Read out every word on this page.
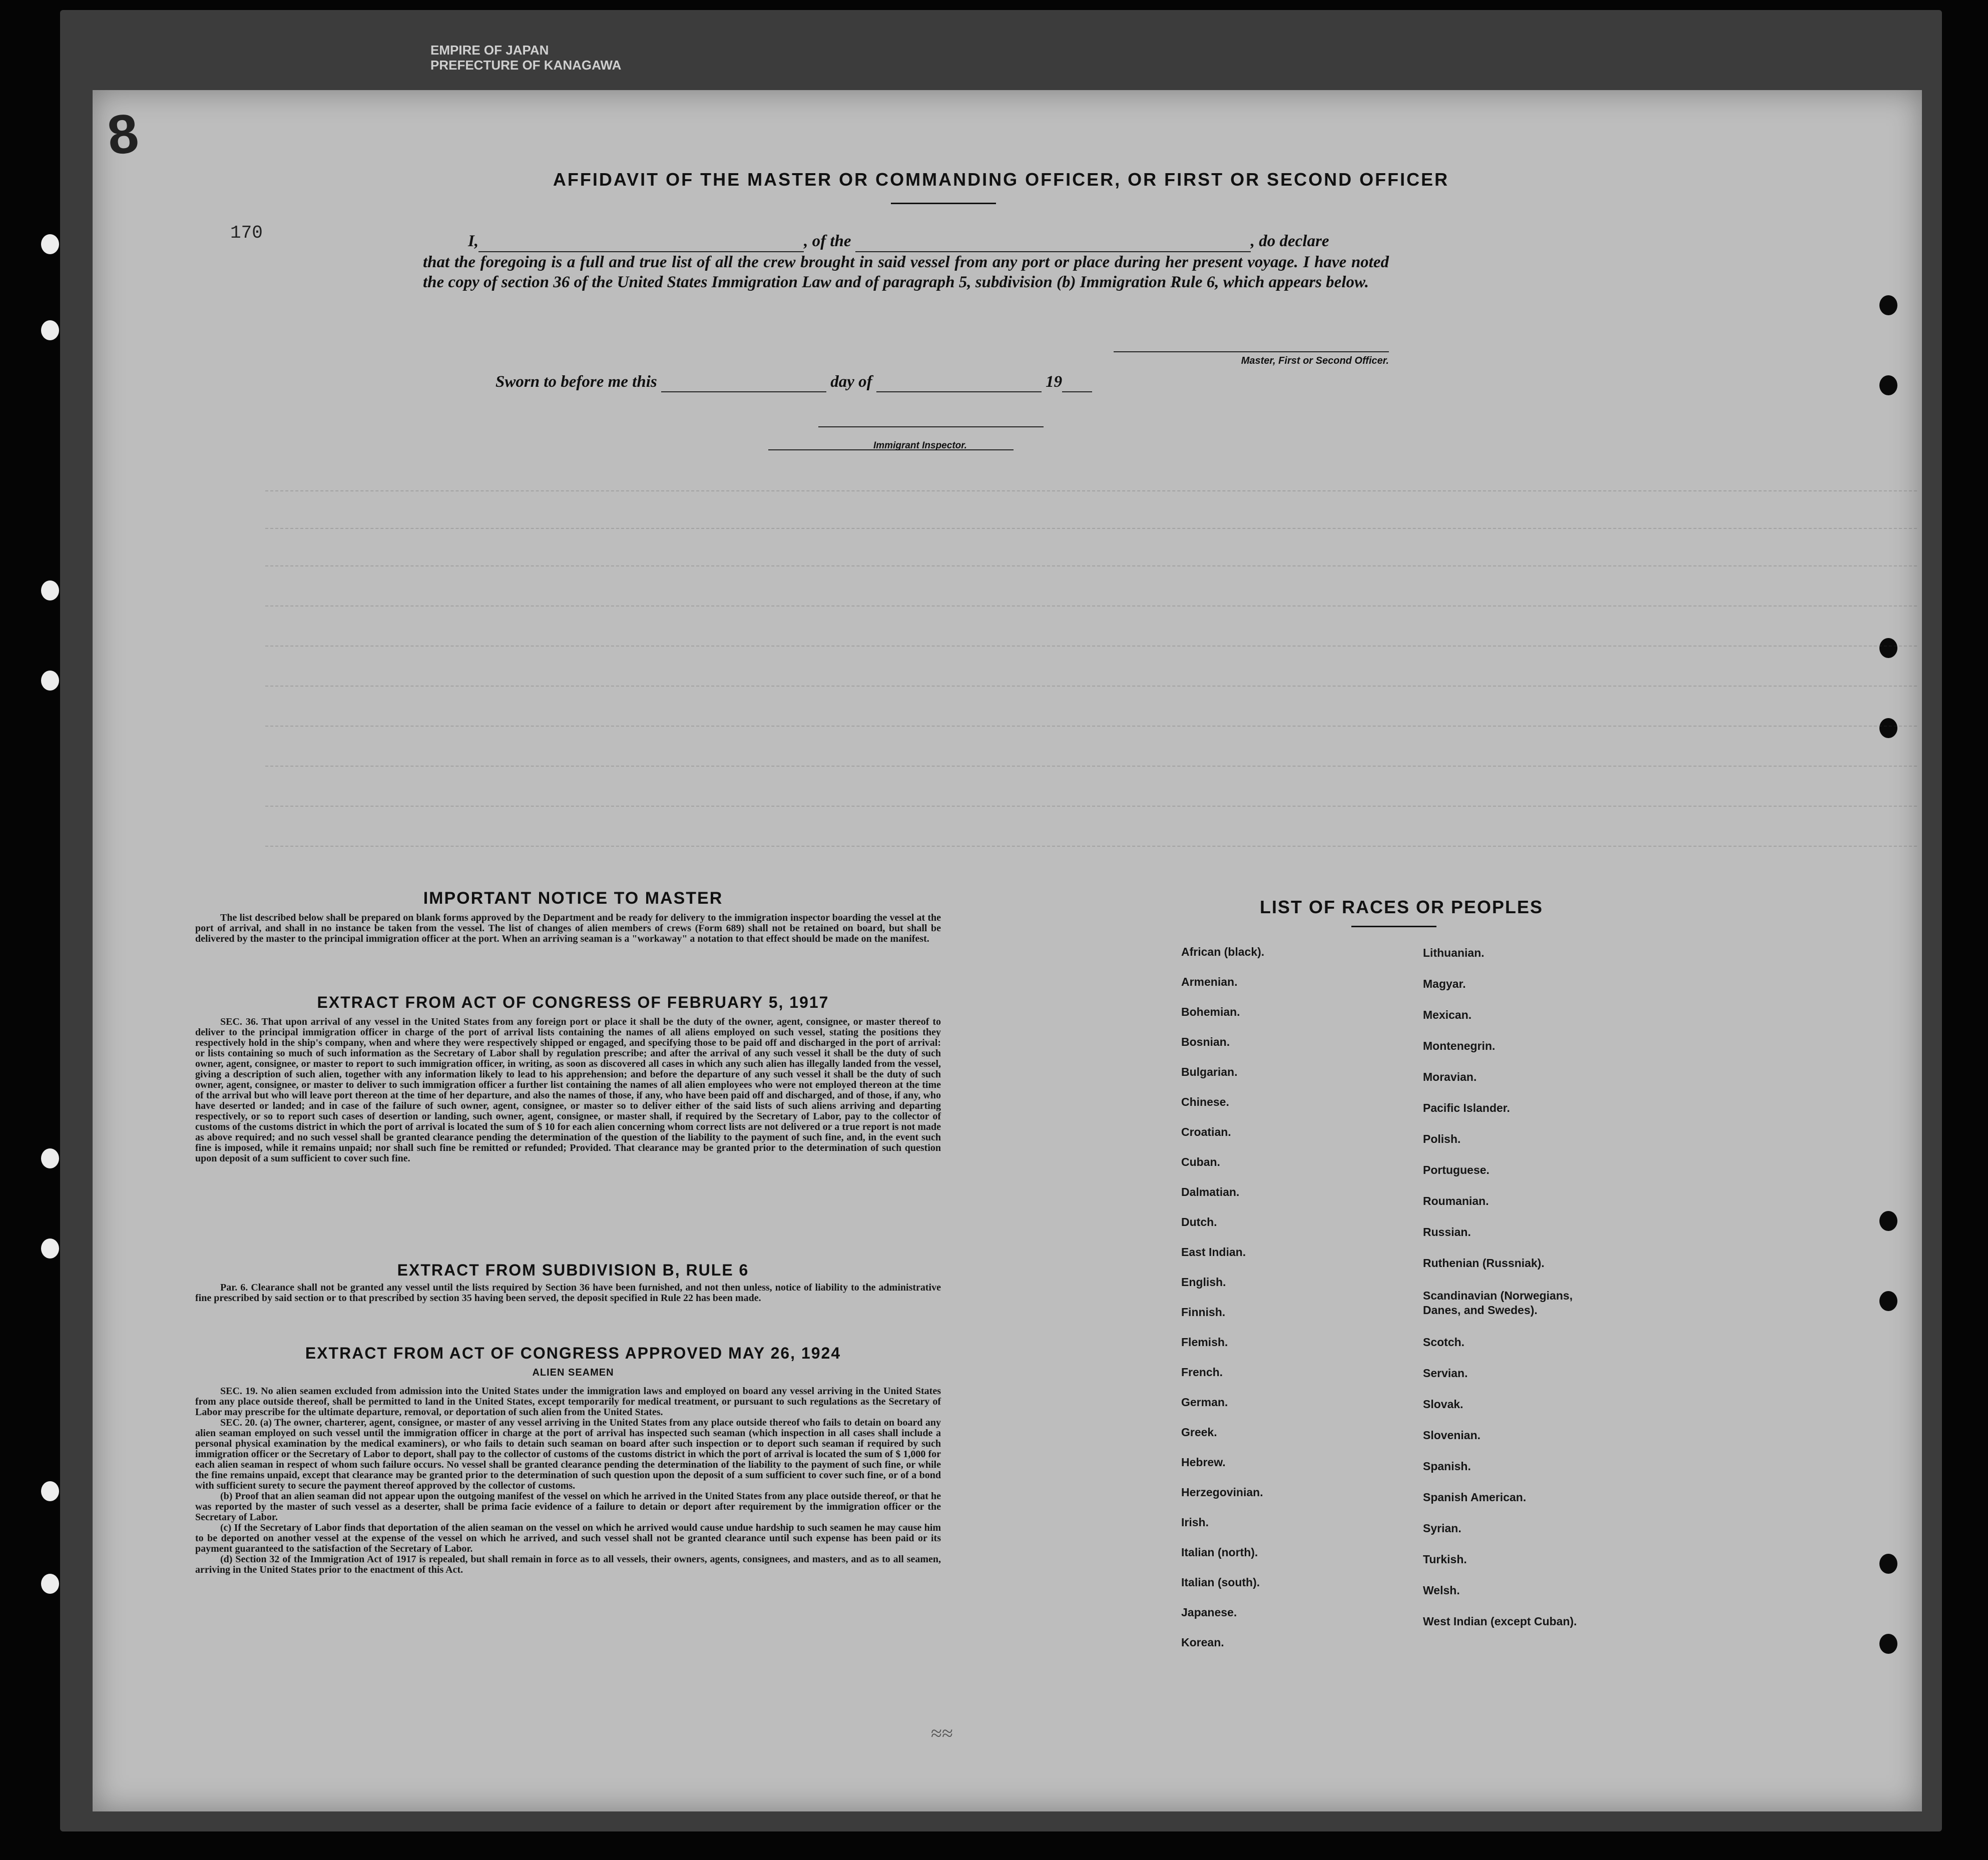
EMPIRE OF JAPAN
PREFECTURE OF KANAGAWA
8
170
AFFIDAVIT OF THE MASTER OR COMMANDING OFFICER, OR FIRST OR SECOND OFFICER
I,	, of the	, do declare
that the foregoing is a full and true list of all the crew brought in said vessel from any port or place during her present voyage. I have noted the copy of section 36 of the United States Immigration Law and of paragraph 5, subdivision (b) Immigration Rule 6, which appears below.
Master, First or Second Officer.
Sworn to before me this	day of	19
Immigrant Inspector.
IMPORTANT NOTICE TO MASTER

The list described below shall be prepared on blank forms approved by the Department and be ready for delivery to the immigration inspector boarding the vessel at the port of arrival, and shall in no instance be taken from the vessel. The list of changes of alien members of crews (Form 689) shall not be retained on board, but shall be delivered by the master to the principal immigration officer at the port. When an arriving seaman is a "workaway" a notation to that effect should be made on the manifest.

EXTRACT FROM ACT OF CONGRESS OF FEBRUARY 5, 1917

SEC. 36. That upon arrival of any vessel in the United States from any foreign port or place it shall be the duty of the owner, agent, consignee, or master thereof to deliver to the principal immigration officer in charge of the port of arrival lists containing the names of all aliens employed on such vessel, stating the positions they respectively hold in the ship's company, when and where they were respectively shipped or engaged, and specifying those to be paid off and discharged in the port of arrival: or lists containing so much of such information as the Secretary of Labor shall by regulation prescribe; and after the arrival of any such vessel it shall be the duty of such owner, agent, consignee, or master to report to such immigration officer, in writing, as soon as discovered all cases in which any such alien has illegally landed from the vessel, giving a description of such alien, together with any information likely to lead to his apprehension; and before the departure of any such vessel it shall be the duty of such owner, agent, consignee, or master to deliver to such immigration officer a further list containing the names of all alien employees who were not employed thereon at the time of the arrival but who will leave port thereon at the time of her departure, and also the names of those, if any, who have been paid off and discharged, and of those, if any, who have deserted or landed; and in case of the failure of such owner, agent, consignee, or master so to deliver either of the said lists of such aliens arriving and departing respectively, or so to report such cases of desertion or landing, such owner, agent, consignee, or master shall, if required by the Secretary of Labor, pay to the collector of customs of the customs district in which the port of arrival is located the sum of $ 10 for each alien concerning whom correct lists are not delivered or a true report is not made as above required; and no such vessel shall be granted clearance pending the determination of the question of the liability to the payment of such fine, and, in the event such fine is imposed, while it remains unpaid; nor shall such fine be remitted or refunded; Provided. That clearance may be granted prior to the determination of such question upon deposit of a sum sufficient to cover such fine.

EXTRACT FROM SUBDIVISION B, RULE 6

Par. 6. Clearance shall not be granted any vessel until the lists required by Section 36 have been furnished, and not then unless, notice of liability to the administrative fine prescribed by said section or to that prescribed by section 35 having been served, the deposit specified in Rule 22 has been made.

EXTRACT FROM ACT OF CONGRESS APPROVED MAY 26, 1924
ALIEN SEAMEN

SEC. 19. No alien seamen excluded from admission into the United States under the immigration laws and employed on board any vessel arriving in the United States from any place outside thereof, shall be permitted to land in the United States, except temporarily for medical treatment, or pursuant to such regulations as the Secretary of Labor may prescribe for the ultimate departure, removal, or deportation of such alien from the United States.

SEC. 20. (a) The owner, charterer, agent, consignee, or master of any vessel arriving in the United States from any place outside thereof who fails to detain on board any alien seaman employed on such vessel until the immigration officer in charge at the port of arrival has inspected such seaman (which inspection in all cases shall include a personal physical examination by the medical examiners), or who fails to detain such seaman on board after such inspection or to deport such seaman if required by such immigration officer or the Secretary of Labor to deport, shall pay to the collector of customs of the customs district in which the port of arrival is located the sum of $ 1,000 for each alien seaman in respect of whom such failure occurs. No vessel shall be granted clearance pending the determination of the liability to the payment of such fine, or while the fine remains unpaid, except that clearance may be granted prior to the determination of such question upon the deposit of a sum sufficient to cover such fine, or of a bond with sufficient surety to secure the payment thereof approved by the collector of customs.

(b) Proof that an alien seaman did not appear upon the outgoing manifest of the vessel on which he arrived in the United States from any place outside thereof, or that he was reported by the master of such vessel as a deserter, shall be prima facie evidence of a failure to detain or deport after requirement by the immigration officer or the Secretary of Labor.

(c) If the Secretary of Labor finds that deportation of the alien seaman on the vessel on which he arrived would cause undue hardship to such seamen he may cause him to be deported on another vessel at the expense of the vessel on which he arrived, and such vessel shall not be granted clearance until such expense has been paid or its payment guaranteed to the satisfaction of the Secretary of Labor.

(d) Section 32 of the Immigration Act of 1917 is repealed, but shall remain in force as to all vessels, their owners, agents, consignees, and masters, and as to all seamen, arriving in the United States prior to the enactment of this Act.

LIST OF RACES OR PEOPLES
≈≈
African (black).
Armenian.
Bohemian.
Bosnian.
Bulgarian.
Chinese.
Croatian.
Cuban.
Dalmatian.
Dutch.
East Indian.
English.
Finnish.
Flemish.
French.
German.
Greek.
Hebrew.
Herzegovinian.
Irish.
Italian (north).
Italian (south).
Japanese.
Korean.
Lithuanian.
Magyar.
Mexican.
Montenegrin.
Moravian.
Pacific Islander.
Polish.
Portuguese.
Roumanian.
Russian.
Ruthenian (Russniak).
Scandinavian (Norwegians, Danes, and Swedes).
Scotch.
Servian.
Slovak.
Slovenian.
Spanish.
Spanish American.
Syrian.
Turkish.
Welsh.
West Indian (except Cuban).
